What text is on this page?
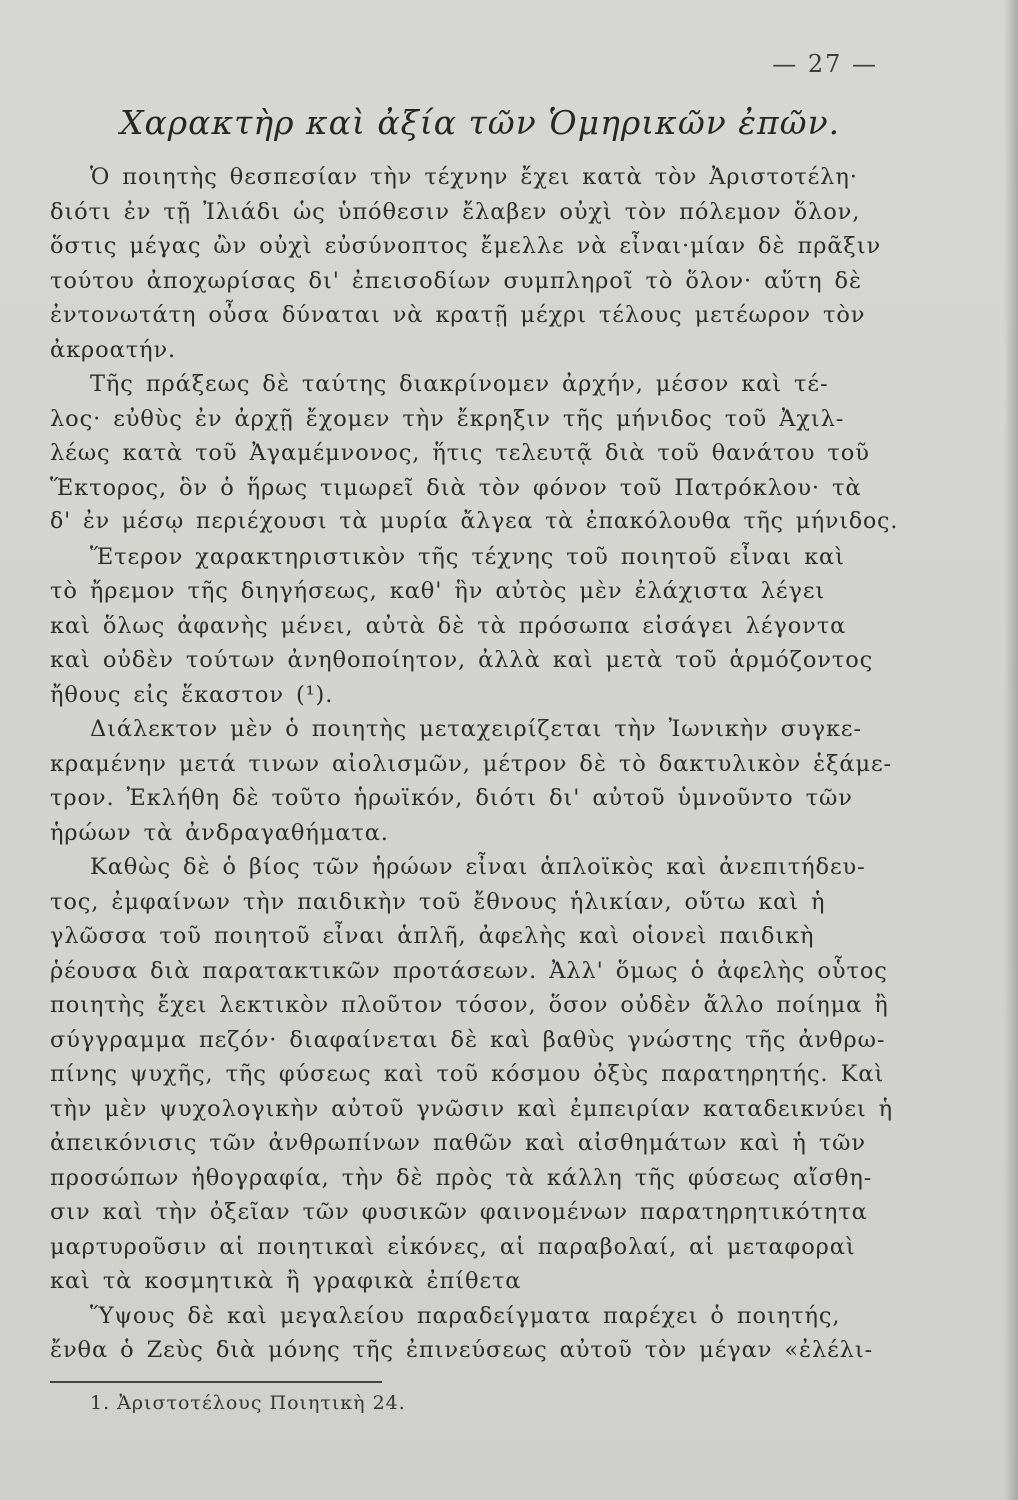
— 27 —
Χαρακτὴρ καὶ ἀξία τῶν Ὁμηρικῶν ἐπῶν.
Ὁ ποιητὴς θεσπεσίαν τὴν τέχνην ἔχει κατὰ τὸν Ἀριστοτέλη·
διότι ἐν τῇ Ἰλιάδι ὡς ὑπόθεσιν ἔλαβεν οὐχὶ τὸν πόλεμον ὅλον,
ὅστις μέγας ὢν οὐχὶ εὐσύνοπτος ἔμελλε νὰ εἶναι·μίαν δὲ πρᾶξιν
τούτου ἀποχωρίσας δι' ἐπεισοδίων συμπληροῖ τὸ ὅλον· αὕτη δὲ
ἐντονωτάτη οὖσα δύναται νὰ κρατῇ μέχρι τέλους μετέωρον τὸν
ἀκροατήν.
Τῆς πράξεως δὲ ταύτης διακρίνομεν ἀρχήν, μέσον καὶ τέ-
λος· εὐθὺς ἐν ἀρχῇ ἔχομεν τὴν ἔκρηξιν τῆς μήνιδος τοῦ Ἀχιλ-
λέως κατὰ τοῦ Ἀγαμέμνονος, ἥτις τελευτᾷ διὰ τοῦ θανάτου τοῦ
Ἕκτορος, ὃν ὁ ἥρως τιμωρεῖ διὰ τὸν φόνον τοῦ Πατρόκλου· τὰ
δ' ἐν μέσῳ περιέχουσι τὰ μυρία ἄλγεα τὰ ἐπακόλουθα τῆς μήνιδος.
Ἕτερον χαρακτηριστικὸν τῆς τέχνης τοῦ ποιητοῦ εἶναι καὶ
τὸ ἤρεμον τῆς διηγήσεως, καθ' ἣν αὐτὸς μὲν ἐλάχιστα λέγει
καὶ ὅλως ἀφανὴς μένει, αὐτὰ δὲ τὰ πρόσωπα εἰσάγει λέγοντα
καὶ οὐδὲν τούτων ἀνηθοποίητον, ἀλλὰ καὶ μετὰ τοῦ ἁρμόζοντος
ἤθους εἰς ἕκαστον (¹).
Διάλεκτον μὲν ὁ ποιητὴς μεταχειρίζεται τὴν Ἰωνικὴν συγκε-
κραμένην μετά τινων αἰολισμῶν, μέτρον δὲ τὸ δακτυλικὸν ἑξάμε-
τρον. Ἐκλήθη δὲ τοῦτο ἡρωϊκόν, διότι δι' αὐτοῦ ὑμνοῦντο τῶν
ἡρώων τὰ ἀνδραγαθήματα.
Καθὼς δὲ ὁ βίος τῶν ἡρώων εἶναι ἁπλοϊκὸς καὶ ἀνεπιτήδευ-
τος, ἐμφαίνων τὴν παιδικὴν τοῦ ἔθνους ἡλικίαν, οὕτω καὶ ἡ
γλῶσσα τοῦ ποιητοῦ εἶναι ἁπλῆ, ἀφελὴς καὶ οἱονεὶ παιδικὴ
ῥέουσα διὰ παρατακτικῶν προτάσεων. Ἀλλ' ὅμως ὁ ἀφελὴς οὗτος
ποιητὴς ἔχει λεκτικὸν πλοῦτον τόσον, ὅσον οὐδὲν ἄλλο ποίημα ἢ
σύγγραμμα πεζόν· διαφαίνεται δὲ καὶ βαθὺς γνώστης τῆς ἀνθρω-
πίνης ψυχῆς, τῆς φύσεως καὶ τοῦ κόσμου ὀξὺς παρατηρητής. Καὶ
τὴν μὲν ψυχολογικὴν αὐτοῦ γνῶσιν καὶ ἐμπειρίαν καταδεικνύει ἡ
ἀπεικόνισις τῶν ἀνθρωπίνων παθῶν καὶ αἰσθημάτων καὶ ἡ τῶν
προσώπων ἠθογραφία, τὴν δὲ πρὸς τὰ κάλλη τῆς φύσεως αἴσθη-
σιν καὶ τὴν ὀξεῖαν τῶν φυσικῶν φαινομένων παρατηρητικότητα
μαρτυροῦσιν αἱ ποιητικαὶ εἰκόνες, αἱ παραβολαί, αἱ μεταφοραὶ
καὶ τὰ κοσμητικὰ ἢ γραφικὰ ἐπίθετα
Ὕψους δὲ καὶ μεγαλείου παραδείγματα παρέχει ὁ ποιητής,
ἔνθα ὁ Ζεὺς διὰ μόνης τῆς ἐπινεύσεως αὐτοῦ τὸν μέγαν «ἐλέλι-
1. Ἀριστοτέλους Ποιητικὴ 24.
